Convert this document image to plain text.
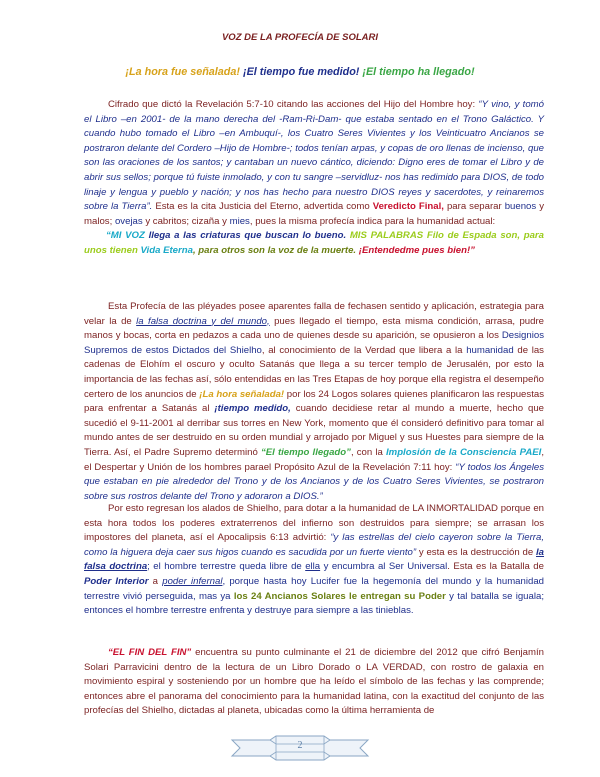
VOZ DE LA PROFECÍA DE SOLARI
¡La hora fue señalada! ¡El tiempo fue medido! ¡El tiempo ha llegado!
Cifrado que dictó la Revelación 5:7-10 citando las acciones del Hijo del Hombre hoy: “Y vino, y tomó el Libro –en 2001- de la mano derecha del -Ram-Ri-Dam- que estaba sentado en el Trono Galáctico. Y cuando hubo tomado el Libro –en Ambuquí-, los Cuatro Seres Vivientes y los Veinticuatro Ancianos se postraron delante del Cordero –Hijo de Hombre-; todos tenían arpas, y copas de oro llenas de incienso, que son las oraciones de los santos; y cantaban un nuevo cántico, diciendo: Digno eres de tomar el Libro y de abrir sus sellos; porque tú fuiste inmolado, y con tu sangre –servidluz- nos has redimido para DIOS, de todo linaje y lengua y pueblo y nación; y nos has hecho para nuestro DIOS reyes y sacerdotes, y reinaremos sobre la Tierra”. Esta es la cita Justicia del Eterno, advertida como Veredicto Final, para separar buenos y malos; ovejas y cabritos; cizaña y mies, pues la misma profecía indica para la humanidad actual:
“MI VOZ llega a las criaturas que buscan lo bueno. MIS PALABRAS Filo de Espada son, para unos tienen Vida Eterna, para otros son la voz de la muerte. ¡Entendedme pues bien!”
Esta Profecía de las pléyades posee aparentes falla de fechasen sentido y aplicación, estrategia para velar la de la falsa doctrina y del mundo, pues llegado el tiempo, esta misma condición, arrasa, pudre manos y bocas, corta en pedazos a cada uno de quienes desde su aparición, se opusieron a los Designios Supremos de estos Dictados del Shielho, al conocimiento de la Verdad que libera a la humanidad de las cadenas de Elohím el oscuro y oculto Satanás que llega a su tercer templo de Jerusalén, por esto la importancia de las fechas así, sólo entendidas en las Tres Etapas de hoy porque ella registra el desempeño certero de los anuncios de ¡La hora señalada! por los 24 Logos solares quienes planificaron las respuestas para enfrentar a Satanás al ¡tiempo medido, cuando decidiese retar al mundo a muerte, hecho que sucedió el 9-11-2001 al derribar sus torres en New York, momento que él consideró definitivo para tomar al mundo antes de ser destruido en su orden mundial y arrojado por Miguel y sus Huestes para siempre de la Tierra. Así, el Padre Supremo determinó “El tiempo llegado”, con la Implosión de la Consciencia PAEI, el Despertar y Unión de los hombres parael Propósito Azul de la Revelación 7:11 hoy: “Y todos los Ángeles que estaban en pie alrededor del Trono y de los Ancianos y de los Cuatro Seres Vivientes, se postraron sobre sus rostros delante del Trono y adoraron a DIOS.”
Por esto regresan los alados de Shielho, para dotar a la humanidad de LA INMORTALIDAD porque en esta hora todos los poderes extraterrenos del infierno son destruidos para siempre; se arrasan los impostores del planeta, así el Apocalipsis 6:13 advirtió: “y las estrellas del cielo cayeron sobre la Tierra, como la higuera deja caer sus higos cuando es sacudida por un fuerte viento” y esta es la destrucción de la falsa doctrina; el hombre terrestre queda libre de ella y encumbra al Ser Universal. Esta es la Batalla de Poder Interior a poder infernal, porque hasta hoy Lucifer fue la hegemonía del mundo y la humanidad terrestre vivió perseguida, mas ya los 24 Ancianos Solares le entregan su Poder y tal batalla se iguala; entonces el hombre terrestre enfrenta y destruye para siempre a las tinieblas.
“EL FIN DEL FIN” encuentra su punto culminante el 21 de diciembre del 2012 que cifró Benjamín Solari Parravicini dentro de la lectura de un Libro Dorado o LA VERDAD, con rostro de galaxia en movimiento espiral y sosteniendo por un hombre que ha leído el símbolo de las fechas y las comprende; entonces abre el panorama del conocimiento para la humanidad latina, con la exactitud del conjunto de las profecías del Shielho, dictadas al planeta, ubicadas como la última herramienta de
2
